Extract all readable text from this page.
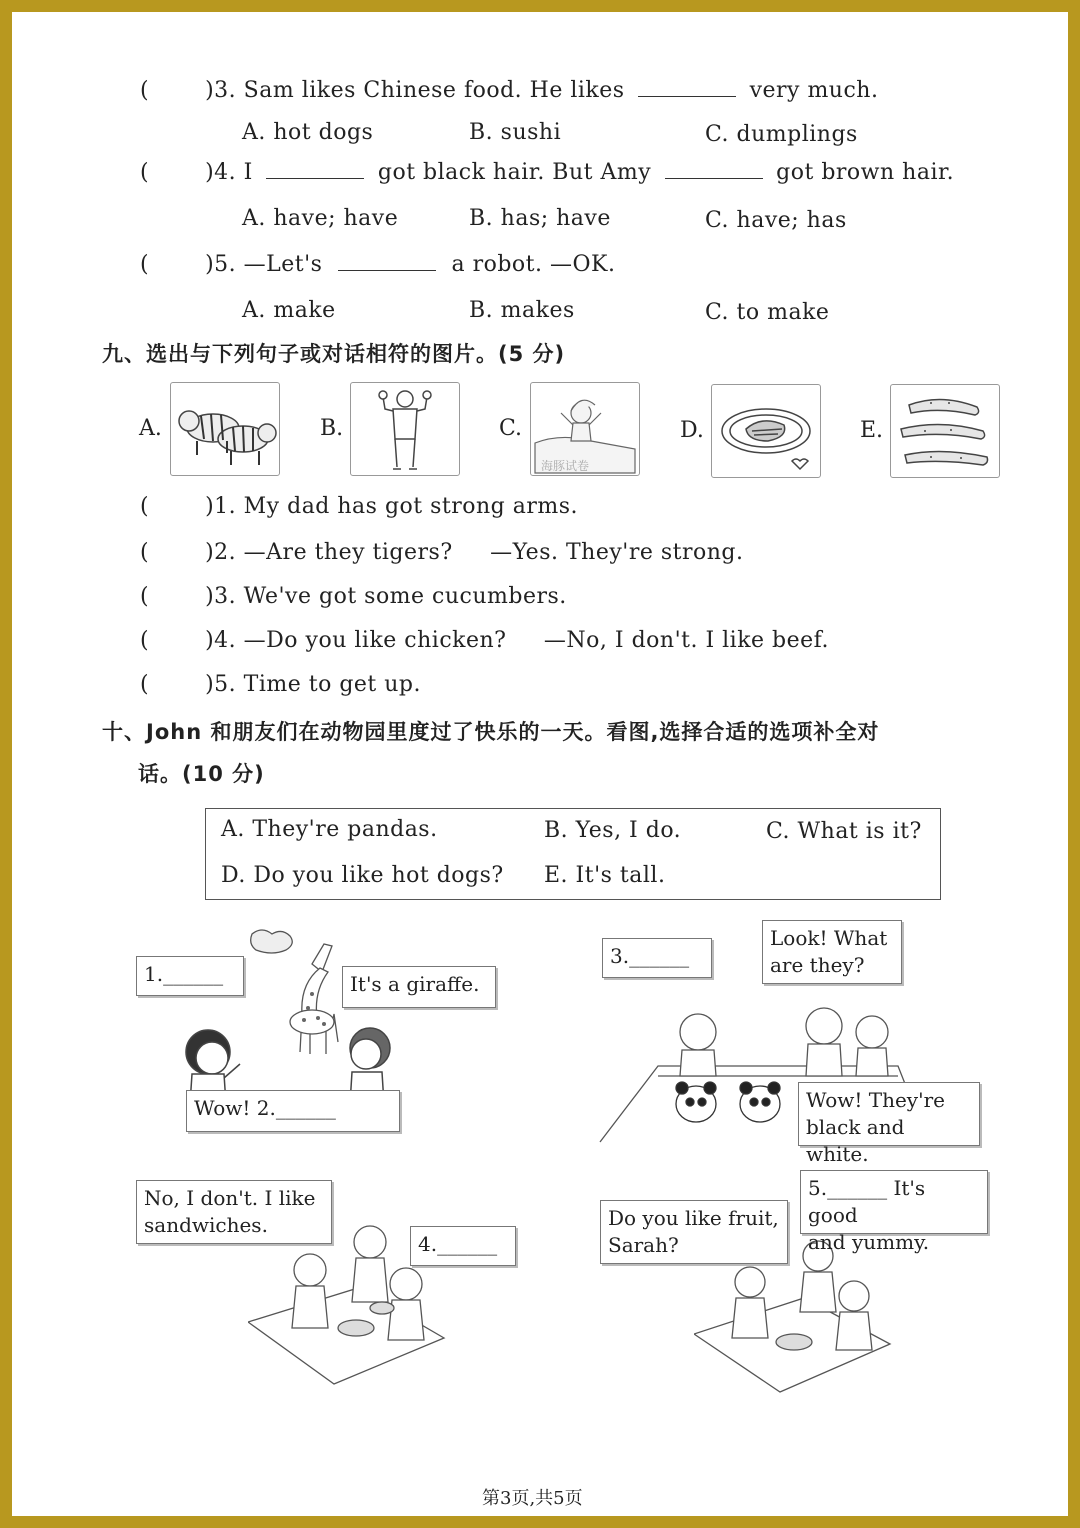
(	)3. Sam likes Chinese food. He likes	very much.
A. hot dogs	B. sushi	C. dumplings
(	)4. I	got black hair. But Amy	got brown hair.
A. have; have	B. has; have	C. have; has
(	)5. —Let's	a robot. —OK.
A. make	B. makes	C. to make
九、选出与下列句子或对话相符的图片。(5 分)
A.	B.	C.
海豚试卷
D.	E.
(	)1. My dad has got strong arms.
(	)2. —Are they tigers?     —Yes. They're strong.
(	)3. We've got some cucumbers.
(	)4. —Do you like chicken?     —No, I don't. I like beef.
(	)5. Time to get up.
十、John 和朋友们在动物园里度过了快乐的一天。看图,选择合适的选项补全对
话。(10 分)
A. They're pandas.	B. Yes, I do.	C. What is it?
D. Do you like hot dogs? E. It's tall.
1.______	It's a giraffe.
Wow! 2.______
3.______
Look! What
are they?
Wow! They're
black and white.
No, I don't. I like
sandwiches.
4.______
Do you like fruit,
Sarah?
5.______ It's good
and yummy.
第3页,共5页
